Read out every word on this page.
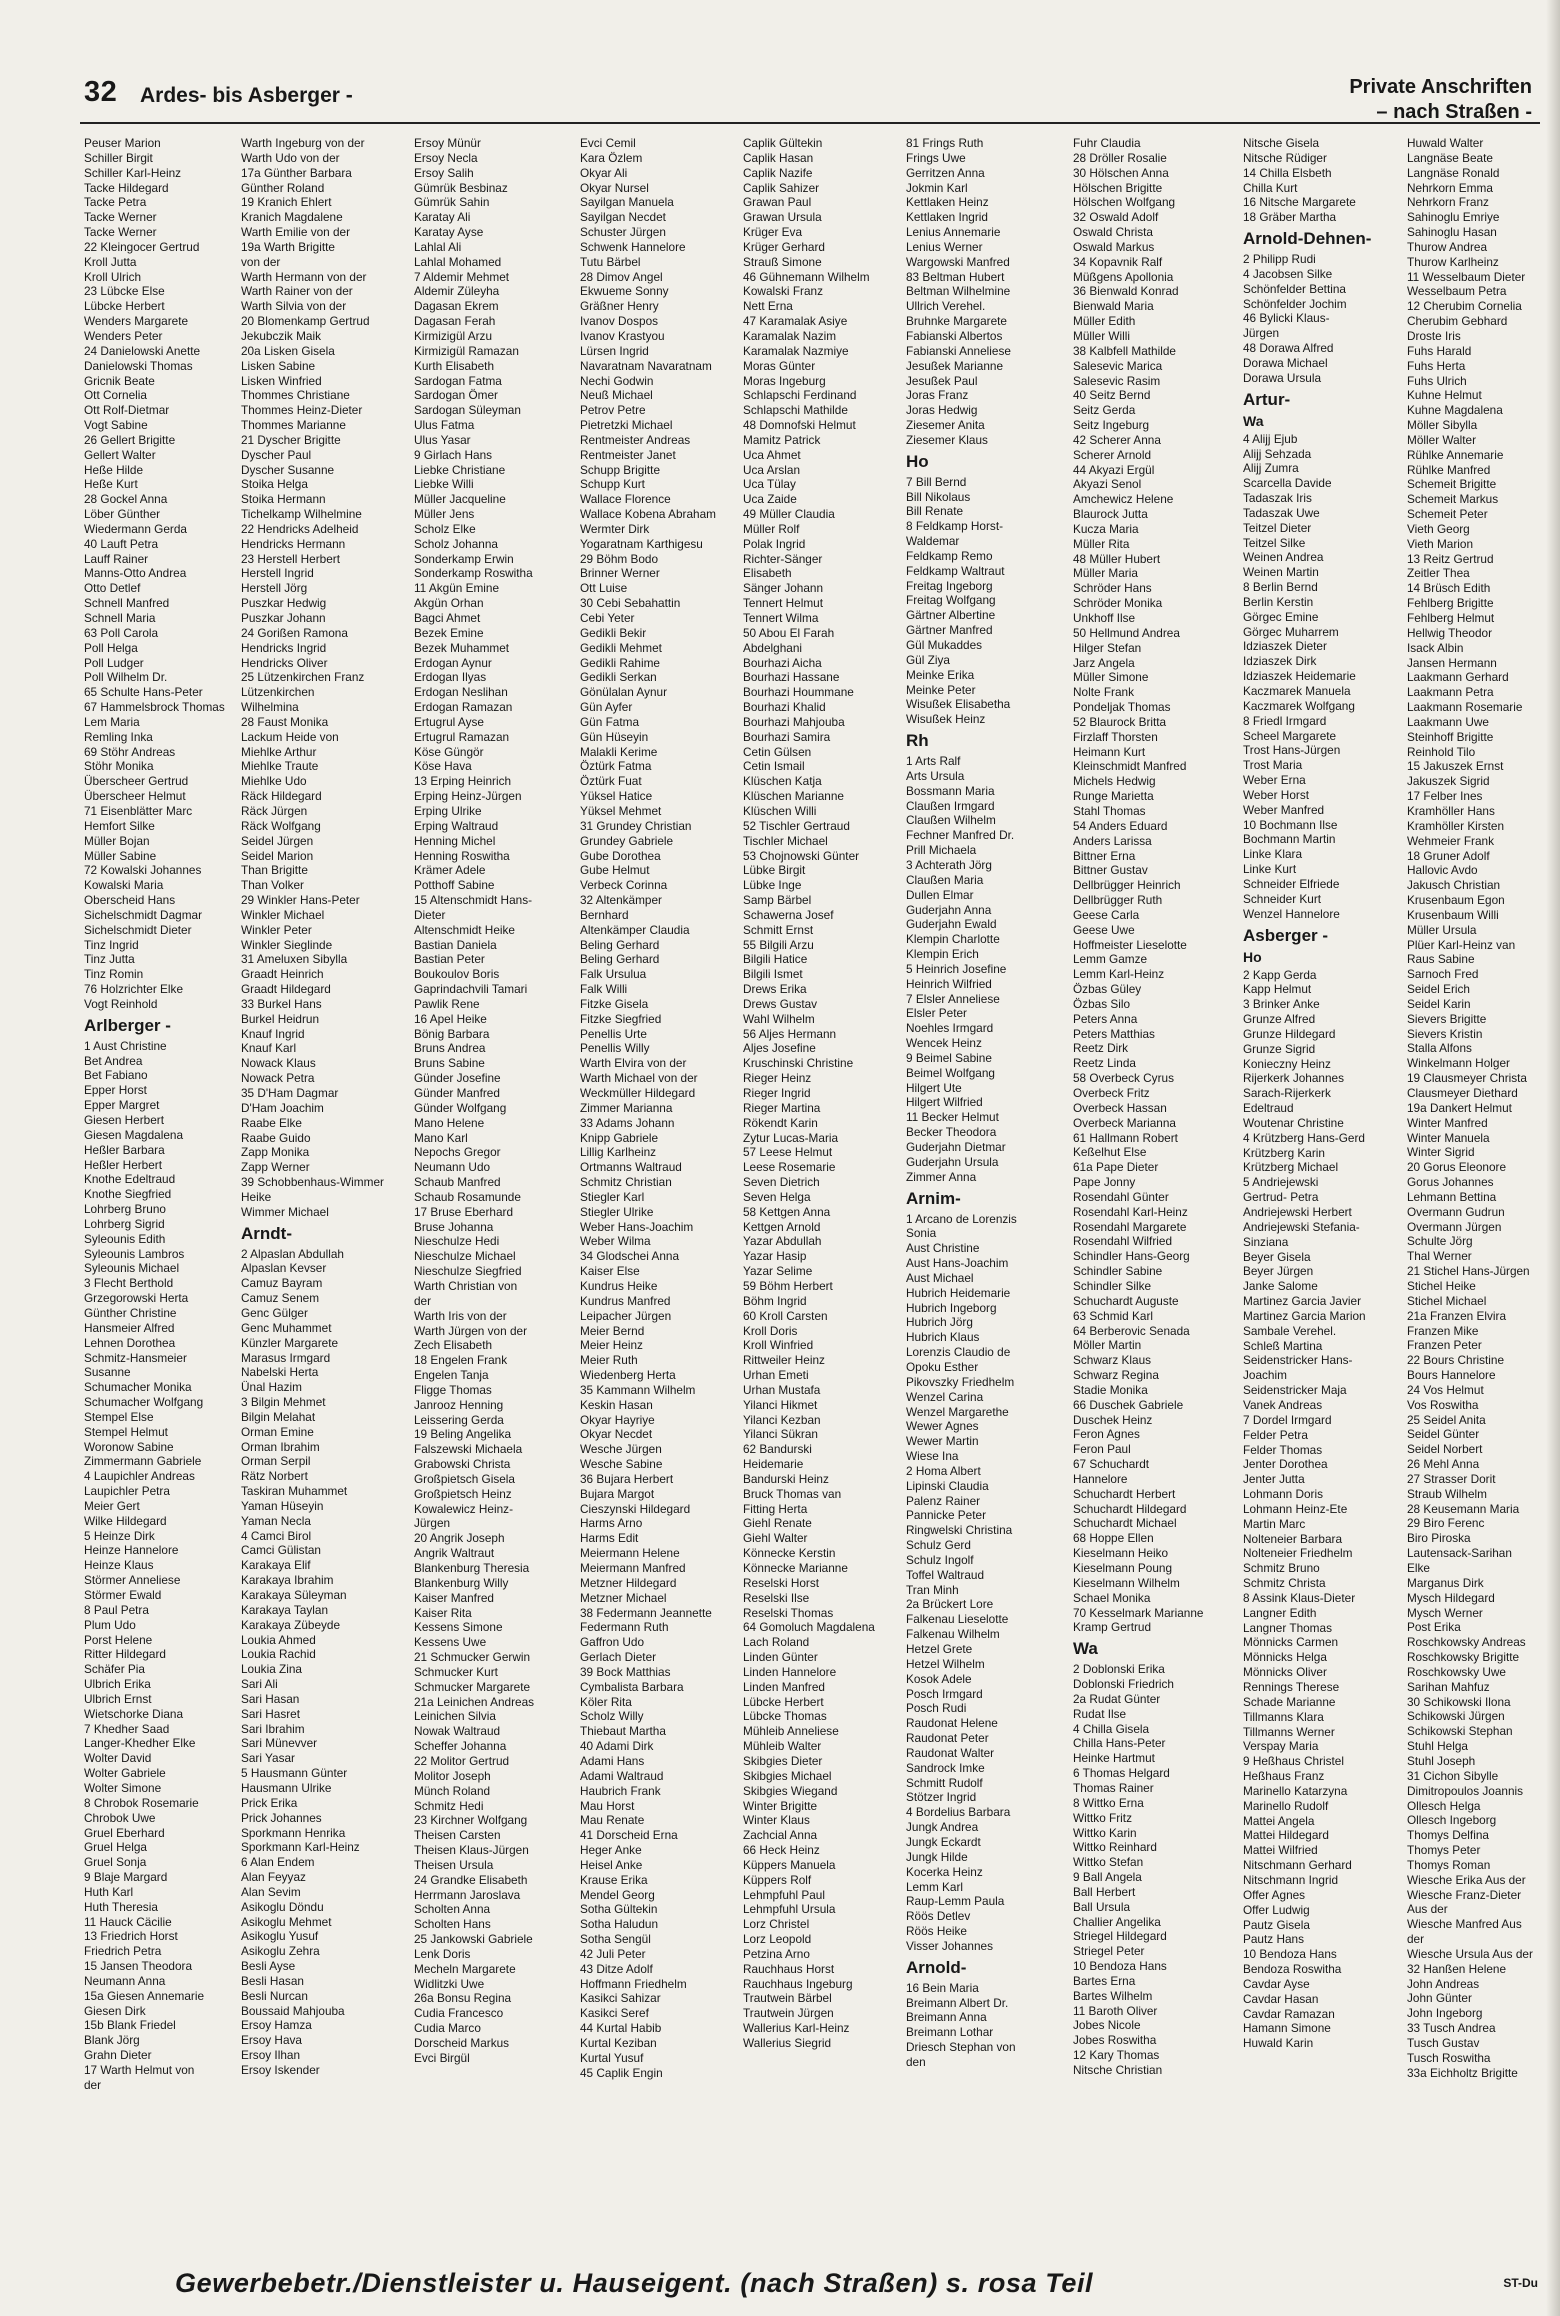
32 Ardes- bis Asberger -	Private Anschriften
– nach Straßen -
Peuser Marion
Schiller Birgit
Schiller Karl-Heinz
Tacke Hildegard
Tacke Petra
Tacke Werner
Tacke Werner
22 Kleingocer Gertrud
Kroll Jutta
Kroll Ulrich
23 Lübcke Else
Lübcke Herbert
Wenders Margarete
Wenders Peter
24 Danielowski Anette
Danielowski Thomas
Gricnik Beate
Ott Cornelia
Ott Rolf-Dietmar
Vogt Sabine
26 Gellert Brigitte
Gellert Walter
Heße Hilde
Heße Kurt
28 Gockel Anna
Löber Günther
Wiedermann Gerda
40 Lauft Petra
Lauff Rainer
Manns-Otto Andrea
Otto Detlef
Schnell Manfred
Schnell Maria
63 Poll Carola
Poll Helga
Poll Ludger
Poll Wilhelm Dr.
65 Schulte Hans-Peter
67 Hammelsbrock Thomas
Lem Maria
Remling Inka
69 Stöhr Andreas
Stöhr Monika
Überscheer Gertrud
Überscheer Helmut
71 Eisenblätter Marc
Hemfort Silke
Müller Bojan
Müller Sabine
72 Kowalski Johannes
Kowalski Maria
Oberscheid Hans
Sichelschmidt Dagmar
Sichelschmidt Dieter
Tinz Ingrid
Tinz Jutta
Tinz Romin
76 Holzrichter Elke
Vogt Reinhold
Arlberger -
1 Aust Christine
Bet Andrea
Bet Fabiano
Epper Horst
Epper Margret
Giesen Herbert
Giesen Magdalena
Heßler Barbara
Heßler Herbert
Knothe Edeltraud
Knothe Siegfried
Lohrberg Bruno
Lohrberg Sigrid
Syleounis Edith
Syleounis Lambros
Syleounis Michael
3 Flecht Berthold
Grzegorowski Herta
Günther Christine
Hansmeier Alfred
Lehnen Dorothea
Schmitz-Hansmeier
Susanne
Schumacher Monika
Schumacher Wolfgang
Stempel Else
Stempel Helmut
Woronow Sabine
Zimmermann Gabriele
4 Laupichler Andreas
Laupichler Petra
Meier Gert
Wilke Hildegard
5 Heinze Dirk
Heinze Hannelore
Heinze Klaus
Störmer Anneliese
Störmer Ewald
8 Paul Petra
Plum Udo
Porst Helene
Ritter Hildegard
Schäfer Pia
Ulbrich Erika
Ulbrich Ernst
Wietschorke Diana
7 Khedher Saad
Langer-Khedher Elke
Wolter David
Wolter Gabriele
Wolter Simone
8 Chrobok Rosemarie
Chrobok Uwe
Gruel Eberhard
Gruel Helga
Gruel Sonja
9 Blaje Margard
Huth Karl
Huth Theresia
11 Hauck Cäcilie
13 Friedrich Horst
Friedrich Petra
15 Jansen Theodora
Neumann Anna
15a Giesen Annemarie
Giesen Dirk
15b Blank Friedel
Blank Jörg
Grahn Dieter
17 Warth Helmut von
der
Warth Ingeburg von der
Warth Udo von der
17a Günther Barbara
Günther Roland
19 Kranich Ehlert
Kranich Magdalene
Warth Emilie von der
19a Warth Brigitte
von der
Warth Hermann von der
Warth Rainer von der
Warth Silvia von der
20 Blomenkamp Gertrud
Jekubczik Maik
20a Lisken Gisela
Lisken Sabine
Lisken Winfried
Thommes Christiane
Thommes Heinz-Dieter
Thommes Marianne
21 Dyscher Brigitte
Dyscher Paul
Dyscher Susanne
Stoika Helga
Stoika Hermann
Tichelkamp Wilhelmine
22 Hendricks Adelheid
Hendricks Hermann
23 Herstell Herbert
Herstell Ingrid
Herstell Jörg
Puszkar Hedwig
Puszkar Johann
24 Gorißen Ramona
Hendricks Ingrid
Hendricks Oliver
25 Lützenkirchen Franz
Lützenkirchen
Wilhelmina
28 Faust Monika
Lackum Heide von
Miehlke Arthur
Miehlke Traute
Miehlke Udo
Räck Hildegard
Räck Jürgen
Räck Wolfgang
Seidel Jürgen
Seidel Marion
Than Brigitte
Than Volker
29 Winkler Hans-Peter
Winkler Michael
Winkler Peter
Winkler Sieglinde
31 Ameluxen Sibylla
Graadt Heinrich
Graadt Hildegard
33 Burkel Hans
Burkel Heidrun
Knauf Ingrid
Knauf Karl
Nowack Klaus
Nowack Petra
35 D'Ham Dagmar
D'Ham Joachim
Raabe Elke
Raabe Guido
Zapp Monika
Zapp Werner
39 Schobbenhaus-Wimmer
Heike
Wimmer Michael
Arndt-
2 Alpaslan Abdullah
Alpaslan Kevser
Camuz Bayram
Camuz Senem
Genc Gülger
Genc Muhammet
Künzler Margarete
Marasus Irmgard
Nabelski Herta
Ünal Hazim
3 Bilgin Mehmet
Bilgin Melahat
Orman Emine
Orman Ibrahim
Orman Serpil
Rätz Norbert
Taskiran Muhammet
Yaman Hüseyin
Yaman Necla
4 Camci Birol
Camci Gülistan
Karakaya Elif
Karakaya Ibrahim
Karakaya Süleyman
Karakaya Taylan
Karakaya Zübeyde
Loukia Ahmed
Loukia Rachid
Loukia Zina
Sari Ali
Sari Hasan
Sari Hasret
Sari Ibrahim
Sari Münevver
Sari Yasar
5 Hausmann Günter
Hausmann Ulrike
Prick Erika
Prick Johannes
Sporkmann Henrika
Sporkmann Karl-Heinz
6 Alan Endem
Alan Feyyaz
Alan Sevim
Asikoglu Döndu
Asikoglu Mehmet
Asikoglu Yusuf
Asikoglu Zehra
Besli Ayse
Besli Hasan
Besli Nurcan
Boussaid Mahjouba
Ersoy Hamza
Ersoy Hava
Ersoy Ilhan
Ersoy Iskender
Ersoy Münür
Ersoy Necla
Ersoy Salih
Gümrük Besbinaz
Gümrük Sahin
Karatay Ali
Karatay Ayse
Lahlal Ali
Lahlal Mohamed
7 Aldemir Mehmet
Aldemir Züleyha
Dagasan Ekrem
Dagasan Ferah
Kirmizigül Arzu
Kirmizigül Ramazan
Kurth Elisabeth
Sardogan Fatma
Sardogan Ömer
Sardogan Süleyman
Ulus Fatma
Ulus Yasar
9 Girlach Hans
Liebke Christiane
Liebke Willi
Müller Jacqueline
Müller Jens
Scholz Elke
Scholz Johanna
Sonderkamp Erwin
Sonderkamp Roswitha
11 Akgün Emine
Akgün Orhan
Bagci Ahmet
Bezek Emine
Bezek Muhammet
Erdogan Aynur
Erdogan Ilyas
Erdogan Neslihan
Erdogan Ramazan
Ertugrul Ayse
Ertugrul Ramazan
Köse Güngör
Köse Hava
13 Erping Heinrich
Erping Heinz-Jürgen
Erping Ulrike
Erping Waltraud
Henning Michel
Henning Roswitha
Krämer Adele
Potthoff Sabine
15 Altenschmidt Hans-
Dieter
Altenschmidt Heike
Bastian Daniela
Bastian Peter
Boukoulov Boris
Gaprindachvili Tamari
Pawlik Rene
16 Apel Heike
Bönig Barbara
Bruns Andrea
Bruns Sabine
Günder Josefine
Günder Manfred
Günder Wolfgang
Mano Helene
Mano Karl
Nepochs Gregor
Neumann Udo
Schaub Manfred
Schaub Rosamunde
17 Bruse Eberhard
Bruse Johanna
Nieschulze Hedi
Nieschulze Michael
Nieschulze Siegfried
Warth Christian von
der
Warth Iris von der
Warth Jürgen von der
Zech Elisabeth
18 Engelen Frank
Engelen Tanja
Fligge Thomas
Janrooz Henning
Leissering Gerda
19 Beling Angelika
Falszewski Michaela
Grabowski Christa
Großpietsch Gisela
Großpietsch Heinz
Kowalewicz Heinz-
Jürgen
20 Angrik Joseph
Angrik Waltraut
Blankenburg Theresia
Blankenburg Willy
Kaiser Manfred
Kaiser Rita
Kessens Simone
Kessens Uwe
21 Schmucker Gerwin
Schmucker Kurt
Schmucker Margarete
21a Leinichen Andreas
Leinichen Silvia
Nowak Waltraud
Scheffer Johanna
22 Molitor Gertrud
Molitor Joseph
Münch Roland
Schmitz Hedi
23 Kirchner Wolfgang
Theisen Carsten
Theisen Klaus-Jürgen
Theisen Ursula
24 Grandke Elisabeth
Herrmann Jaroslava
Scholten Anna
Scholten Hans
25 Jankowski Gabriele
Lenk Doris
Mecheln Margarete
Widlitzki Uwe
26a Bonsu Regina
Cudia Francesco
Cudia Marco
Dorscheid Markus
Evci Birgül
Evci Cemil
Kara Özlem
Okyar Ali
Okyar Nursel
Sayilgan Manuela
Sayilgan Necdet
Schuster Jürgen
Schwenk Hannelore
Tutu Bärbel
28 Dimov Angel
Ekwueme Sonny
Gräßner Henry
Ivanov Dospos
Ivanov Krastyou
Lürsen Ingrid
Navaratnam Navaratnam
Nechi Godwin
Neuß Michael
Petrov Petre
Pietretzki Michael
Rentmeister Andreas
Rentmeister Janet
Schupp Brigitte
Schupp Kurt
Wallace Florence
Wallace Kobena Abraham
Wermter Dirk
Yogaratnam Karthigesu
29 Böhm Bodo
Brinner Werner
Ott Luise
30 Cebi Sebahattin
Cebi Yeter
Gedikli Bekir
Gedikli Mehmet
Gedikli Rahime
Gedikli Serkan
Gönülalan Aynur
Gün Ayfer
Gün Fatma
Gün Hüseyin
Malakli Kerime
Öztürk Fatma
Öztürk Fuat
Yüksel Hatice
Yüksel Mehmet
31 Grundey Christian
Grundey Gabriele
Gube Dorothea
Gube Helmut
Verbeck Corinna
32 Altenkämper
Bernhard
Altenkämper Claudia
Beling Gerhard
Beling Gerhard
Falk Ursulua
Falk Willi
Fitzke Gisela
Fitzke Siegfried
Penellis Urte
Penellis Willy
Warth Elvira von der
Warth Michael von der
Weckmüller Hildegard
Zimmer Marianna
33 Adams Johann
Knipp Gabriele
Lillig Karlheinz
Ortmanns Waltraud
Schmitz Christian
Stiegler Karl
Stiegler Ulrike
Weber Hans-Joachim
Weber Wilma
34 Glodschei Anna
Kaiser Else
Kundrus Heike
Kundrus Manfred
Leipacher Jürgen
Meier Bernd
Meier Heinz
Meier Ruth
Wiedenberg Herta
35 Kammann Wilhelm
Keskin Hasan
Okyar Hayriye
Okyar Necdet
Wesche Jürgen
Wesche Sabine
36 Bujara Herbert
Bujara Margot
Cieszynski Hildegard
Harms Arno
Harms Edit
Meiermann Helene
Meiermann Manfred
Metzner Hildegard
Metzner Michael
38 Federmann Jeannette
Federmann Ruth
Gaffron Udo
Gerlach Dieter
39 Bock Matthias
Cymbalista Barbara
Köler Rita
Scholz Willy
Thiebaut Martha
40 Adami Dirk
Adami Hans
Adami Waltraud
Haubrich Frank
Mau Horst
Mau Renate
41 Dorscheid Erna
Heger Anke
Heisel Anke
Krause Erika
Mendel Georg
Sotha Gültekin
Sotha Haludun
Sotha Sengül
42 Juli Peter
43 Ditze Adolf
Hoffmann Friedhelm
Kasikci Sahizar
Kasikci Seref
44 Kurtal Habib
Kurtal Keziban
Kurtal Yusuf
45 Caplik Engin
Caplik Gültekin
Caplik Hasan
Caplik Nazife
Caplik Sahizer
Grawan Paul
Grawan Ursula
Krüger Eva
Krüger Gerhard
Strauß Simone
46 Gühnemann Wilhelm
Kowalski Franz
Nett Erna
47 Karamalak Asiye
Karamalak Nazim
Karamalak Nazmiye
Moras Günter
Moras Ingeburg
Schlapschi Ferdinand
Schlapschi Mathilde
48 Domnofski Helmut
Mamitz Patrick
Uca Ahmet
Uca Arslan
Uca Tülay
Uca Zaide
49 Müller Claudia
Müller Rolf
Polak Ingrid
Richter-Sänger
Elisabeth
Sänger Johann
Tennert Helmut
Tennert Wilma
50 Abou El Farah
Abdelghani
Bourhazi Aicha
Bourhazi Hassane
Bourhazi Hoummane
Bourhazi Khalid
Bourhazi Mahjouba
Bourhazi Samira
Cetin Gülsen
Cetin Ismail
Klüschen Katja
Klüschen Marianne
Klüschen Willi
52 Tischler Gertraud
Tischler Michael
53 Chojnowski Günter
Lübke Birgit
Lübke Inge
Samp Bärbel
Schawerna Josef
Schmitt Ernst
55 Bilgili Arzu
Bilgili Hatice
Bilgili Ismet
Drews Erika
Drews Gustav
Wahl Wilhelm
56 Aljes Hermann
Aljes Josefine
Kruschinski Christine
Rieger Heinz
Rieger Ingrid
Rieger Martina
Rökendt Karin
Zytur Lucas-Maria
57 Leese Helmut
Leese Rosemarie
Seven Dietrich
Seven Helga
58 Kettgen Anna
Kettgen Arnold
Yazar Abdullah
Yazar Hasip
Yazar Selime
59 Böhm Herbert
Böhm Ingrid
60 Kroll Carsten
Kroll Doris
Kroll Winfried
Rittweiler Heinz
Urhan Emeti
Urhan Mustafa
Yilanci Hikmet
Yilanci Kezban
Yilanci Sükran
62 Bandurski
Heidemarie
Bandurski Heinz
Bruck Thomas van
Fitting Herta
Giehl Renate
Giehl Walter
Könnecke Kerstin
Könnecke Marianne
Reselski Horst
Reselski Ilse
Reselski Thomas
64 Gomoluch Magdalena
Lach Roland
Linden Günter
Linden Hannelore
Linden Manfred
Lübcke Herbert
Lübcke Thomas
Mühleib Anneliese
Mühleib Walter
Skibgies Dieter
Skibgies Michael
Skibgies Wiegand
Winter Brigitte
Winter Klaus
Zachcial Anna
66 Heck Heinz
Küppers Manuela
Küppers Rolf
Lehmpfuhl Paul
Lehmpfuhl Ursula
Lorz Christel
Lorz Leopold
Petzina Arno
Rauchhaus Horst
Rauchhaus Ingeburg
Trautwein Bärbel
Trautwein Jürgen
Wallerius Karl-Heinz
Wallerius Siegrid
81 Frings Ruth
Frings Uwe
Gerritzen Anna
Jokmin Karl
Kettlaken Heinz
Kettlaken Ingrid
Lenius Annemarie
Lenius Werner
Wargowski Manfred
83 Beltman Hubert
Beltman Wilhelmine
Ullrich Verehel.
Bruhnke Margarete
Fabianski Albertos
Fabianski Anneliese
Jesußek Marianne
Jesußek Paul
Joras Franz
Joras Hedwig
Ziesemer Anita
Ziesemer Klaus
Ho
7 Bill Bernd
Bill Nikolaus
Bill Renate
8 Feldkamp Horst-
Waldemar
Feldkamp Remo
Feldkamp Waltraut
Freitag Ingeborg
Freitag Wolfgang
Gärtner Albertine
Gärtner Manfred
Gül Mukaddes
Gül Ziya
Meinke Erika
Meinke Peter
Wisußek Elisabetha
Wisußek Heinz
Rh
1 Arts Ralf
Arts Ursula
Bossmann Maria
Claußen Irmgard
Claußen Wilhelm
Fechner Manfred Dr.
Prill Michaela
3 Achterath Jörg
Claußen Maria
Dullen Elmar
Guderjahn Anna
Guderjahn Ewald
Klempin Charlotte
Klempin Erich
5 Heinrich Josefine
Heinrich Wilfried
7 Elsler Anneliese
Elsler Peter
Noehles Irmgard
Wencek Heinz
9 Beimel Sabine
Beimel Wolfgang
Hilgert Ute
Hilgert Wilfried
11 Becker Helmut
Becker Theodora
Guderjahn Dietmar
Guderjahn Ursula
Zimmer Anna
Arnim-
1 Arcano de Lorenzis
Sonia
Aust Christine
Aust Hans-Joachim
Aust Michael
Hubrich Heidemarie
Hubrich Ingeborg
Hubrich Jörg
Hubrich Klaus
Lorenzis Claudio de
Opoku Esther
Pikovszky Friedhelm
Wenzel Carina
Wenzel Margarethe
Wewer Agnes
Wewer Martin
Wiese Ina
2 Homa Albert
Lipinski Claudia
Palenz Rainer
Pannicke Peter
Ringwelski Christina
Schulz Gerd
Schulz Ingolf
Toffel Waltraud
Tran Minh
2a Brückert Lore
Falkenau Lieselotte
Falkenau Wilhelm
Hetzel Grete
Hetzel Wilhelm
Kosok Adele
Posch Irmgard
Posch Rudi
Raudonat Helene
Raudonat Peter
Raudonat Walter
Sandrock Imke
Schmitt Rudolf
Stötzer Ingrid
4 Bordelius Barbara
Jungk Andrea
Jungk Eckardt
Jungk Hilde
Kocerka Heinz
Lemm Karl
Raup-Lemm Paula
Röös Detlev
Röös Heike
Visser Johannes
Arnold-
16 Bein Maria
Breimann Albert Dr.
Breimann Anna
Breimann Lothar
Driesch Stephan von
den
Fuhr Claudia
28 Dröller Rosalie
30 Hölschen Anna
Hölschen Brigitte
Hölschen Wolfgang
32 Oswald Adolf
Oswald Christa
Oswald Markus
34 Kopavnik Ralf
Müßgens Apollonia
36 Bienwald Konrad
Bienwald Maria
Müller Edith
Müller Willi
38 Kalbfell Mathilde
Salesevic Marica
Salesevic Rasim
40 Seitz Bernd
Seitz Gerda
Seitz Ingeburg
42 Scherer Anna
Scherer Arnold
44 Akyazi Ergül
Akyazi Senol
Amchewicz Helene
Blaurock Jutta
Kucza Maria
Müller Rita
48 Müller Hubert
Müller Maria
Schröder Hans
Schröder Monika
Unkhoff Ilse
50 Hellmund Andrea
Hilger Stefan
Jarz Angela
Müller Simone
Nolte Frank
Pondeljak Thomas
52 Blaurock Britta
Firzlaff Thorsten
Heimann Kurt
Kleinschmidt Manfred
Michels Hedwig
Runge Marietta
Stahl Thomas
54 Anders Eduard
Anders Larissa
Bittner Erna
Bittner Gustav
Dellbrügger Heinrich
Dellbrügger Ruth
Geese Carla
Geese Uwe
Hoffmeister Lieselotte
Lemm Gamze
Lemm Karl-Heinz
Özbas Güley
Özbas Silo
Peters Anna
Peters Matthias
Reetz Dirk
Reetz Linda
58 Overbeck Cyrus
Overbeck Fritz
Overbeck Hassan
Overbeck Marianna
61 Hallmann Robert
Keßelhut Else
61a Pape Dieter
Pape Jonny
Rosendahl Günter
Rosendahl Karl-Heinz
Rosendahl Margarete
Rosendahl Wilfried
Schindler Hans-Georg
Schindler Sabine
Schindler Silke
Schuchardt Auguste
63 Schmid Karl
64 Berberovic Senada
Möller Martin
Schwarz Klaus
Schwarz Regina
Stadie Monika
66 Duschek Gabriele
Duschek Heinz
Feron Agnes
Feron Paul
67 Schuchardt
Hannelore
Schuchardt Herbert
Schuchardt Hildegard
Schuchardt Michael
68 Hoppe Ellen
Kieselmann Heiko
Kieselmann Poung
Kieselmann Wilhelm
Schael Monika
70 Kesselmark Marianne
Kramp Gertrud
Wa
2 Doblonski Erika
Doblonski Friedrich
2a Rudat Günter
Rudat Ilse
4 Chilla Gisela
Chilla Hans-Peter
Heinke Hartmut
6 Thomas Helgard
Thomas Rainer
8 Wittko Erna
Wittko Fritz
Wittko Karin
Wittko Reinhard
Wittko Stefan
9 Ball Angela
Ball Herbert
Ball Ursula
Challier Angelika
Striegel Hildegard
Striegel Peter
10 Bendoza Hans
Bartes Erna
Bartes Wilhelm
11 Baroth Oliver
Jobes Nicole
Jobes Roswitha
12 Kary Thomas
Nitsche Christian
Nitsche Gisela
Nitsche Rüdiger
14 Chilla Elsbeth
Chilla Kurt
16 Nitsche Margarete
18 Gräber Martha
Arnold-Dehnen-
2 Philipp Rudi
4 Jacobsen Silke
Schönfelder Bettina
Schönfelder Jochim
46 Bylicki Klaus-
Jürgen
48 Dorawa Alfred
Dorawa Michael
Dorawa Ursula
Artur-
Wa
4 Alijj Ejub
Alijj Sehzada
Alijj Zumra
Scarcella Davide
Tadaszak Iris
Tadaszak Uwe
Teitzel Dieter
Teitzel Silke
Weinen Andrea
Weinen Martin
8 Berlin Bernd
Berlin Kerstin
Görgec Emine
Görgec Muharrem
Idziaszek Dieter
Idziaszek Dirk
Idziaszek Heidemarie
Kaczmarek Manuela
Kaczmarek Wolfgang
8 Friedl Irmgard
Scheel Margarete
Trost Hans-Jürgen
Trost Maria
Weber Erna
Weber Horst
Weber Manfred
10 Bochmann Ilse
Bochmann Martin
Linke Klara
Linke Kurt
Schneider Elfriede
Schneider Kurt
Wenzel Hannelore
Asberger -
Ho
2 Kapp Gerda
Kapp Helmut
3 Brinker Anke
Grunze Alfred
Grunze Hildegard
Grunze Sigrid
Konieczny Heinz
Rijerkerk Johannes
Sarach-Rijerkerk
Edeltraud
Woutenar Christine
4 Krützberg Hans-Gerd
Krützberg Karin
Krützberg Michael
5 Andriejewski
Gertrud- Petra
Andriejewski Herbert
Andriejewski Stefania-
Sinziana
Beyer Gisela
Beyer Jürgen
Janke Salome
Martinez Garcia Javier
Martinez Garcia Marion
Sambale Verehel.
Schleß Martina
Seidenstricker Hans-
Joachim
Seidenstricker Maja
Vanek Andreas
7 Dordel Irmgard
Felder Petra
Felder Thomas
Jenter Dorothea
Jenter Jutta
Lohmann Doris
Lohmann Heinz-Ete
Martin Marc
Nolteneier Barbara
Nolteneier Friedhelm
Schmitz Bruno
Schmitz Christa
8 Assink Klaus-Dieter
Langner Edith
Langner Thomas
Mönnicks Carmen
Mönnicks Helga
Mönnicks Oliver
Rennings Therese
Schade Marianne
Tillmanns Klara
Tillmanns Werner
Verspay Maria
9 Heßhaus Christel
Heßhaus Franz
Marinello Katarzyna
Marinello Rudolf
Mattei Angela
Mattei Hildegard
Mattei Wilfried
Nitschmann Gerhard
Nitschmann Ingrid
Offer Agnes
Offer Ludwig
Pautz Gisela
Pautz Hans
10 Bendoza Hans
Bendoza Roswitha
Cavdar Ayse
Cavdar Hasan
Cavdar Ramazan
Hamann Simone
Huwald Karin
Huwald Walter
Langnäse Beate
Langnäse Ronald
Nehrkorn Emma
Nehrkorn Franz
Sahinoglu Emriye
Sahinoglu Hasan
Thurow Andrea
Thurow Karlheinz
11 Wesselbaum Dieter
Wesselbaum Petra
12 Cherubim Cornelia
Cherubim Gebhard
Droste Iris
Fuhs Harald
Fuhs Herta
Fuhs Ulrich
Kuhne Helmut
Kuhne Magdalena
Möller Sibylla
Möller Walter
Rühlke Annemarie
Rühlke Manfred
Schemeit Brigitte
Schemeit Markus
Schemeit Peter
Vieth Georg
Vieth Marion
13 Reitz Gertrud
Zeitler Thea
14 Brüsch Edith
Fehlberg Brigitte
Fehlberg Helmut
Hellwig Theodor
Isack Albin
Jansen Hermann
Laakmann Gerhard
Laakmann Petra
Laakmann Rosemarie
Laakmann Uwe
Steinhoff Brigitte
Reinhold Tilo
15 Jakuszek Ernst
Jakuszek Sigrid
17 Felber Ines
Kramhöller Hans
Kramhöller Kirsten
Wehmeier Frank
18 Gruner Adolf
Hallovic Avdo
Jakusch Christian
Krusenbaum Egon
Krusenbaum Willi
Müller Ursula
Plüer Karl-Heinz van
Raus Sabine
Sarnoch Fred
Seidel Erich
Seidel Karin
Sievers Brigitte
Sievers Kristin
Stalla Alfons
Winkelmann Holger
19 Clausmeyer Christa
Clausmeyer Diethard
19a Dankert Helmut
Winter Manfred
Winter Manuela
Winter Sigrid
20 Gorus Eleonore
Gorus Johannes
Lehmann Bettina
Overmann Gudrun
Overmann Jürgen
Schulte Jörg
Thal Werner
21 Stichel Hans-Jürgen
Stichel Heike
Stichel Michael
21a Franzen Elvira
Franzen Mike
Franzen Peter
22 Bours Christine
Bours Hannelore
24 Vos Helmut
Vos Roswitha
25 Seidel Anita
Seidel Günter
Seidel Norbert
26 Mehl Anna
27 Strasser Dorit
Straub Wilhelm
28 Keusemann Maria
29 Biro Ferenc
Biro Piroska
Lautensack-Sarihan
Elke
Marganus Dirk
Mysch Hildegard
Mysch Werner
Post Erika
Roschkowsky Andreas
Roschkowsky Brigitte
Roschkowsky Uwe
Sarihan Mahfuz
30 Schikowski Ilona
Schikowski Jürgen
Schikowski Stephan
Stuhl Helga
Stuhl Joseph
31 Cichon Sibylle
Dimitropoulos Joannis
Ollesch Helga
Ollesch Ingeborg
Thomys Delfina
Thomys Peter
Thomys Roman
Wiesche Erika Aus der
Wiesche Franz-Dieter
Aus der
Wiesche Manfred Aus
der
Wiesche Ursula Aus der
32 Hanßen Helene
John Andreas
John Günter
John Ingeborg
33 Tusch Andrea
Tusch Gustav
Tusch Roswitha
33a Eichholtz Brigitte
Gewerbebetr./Dienstleister u. Hauseigent. (nach Straßen) s. rosa Teil	ST-Du
